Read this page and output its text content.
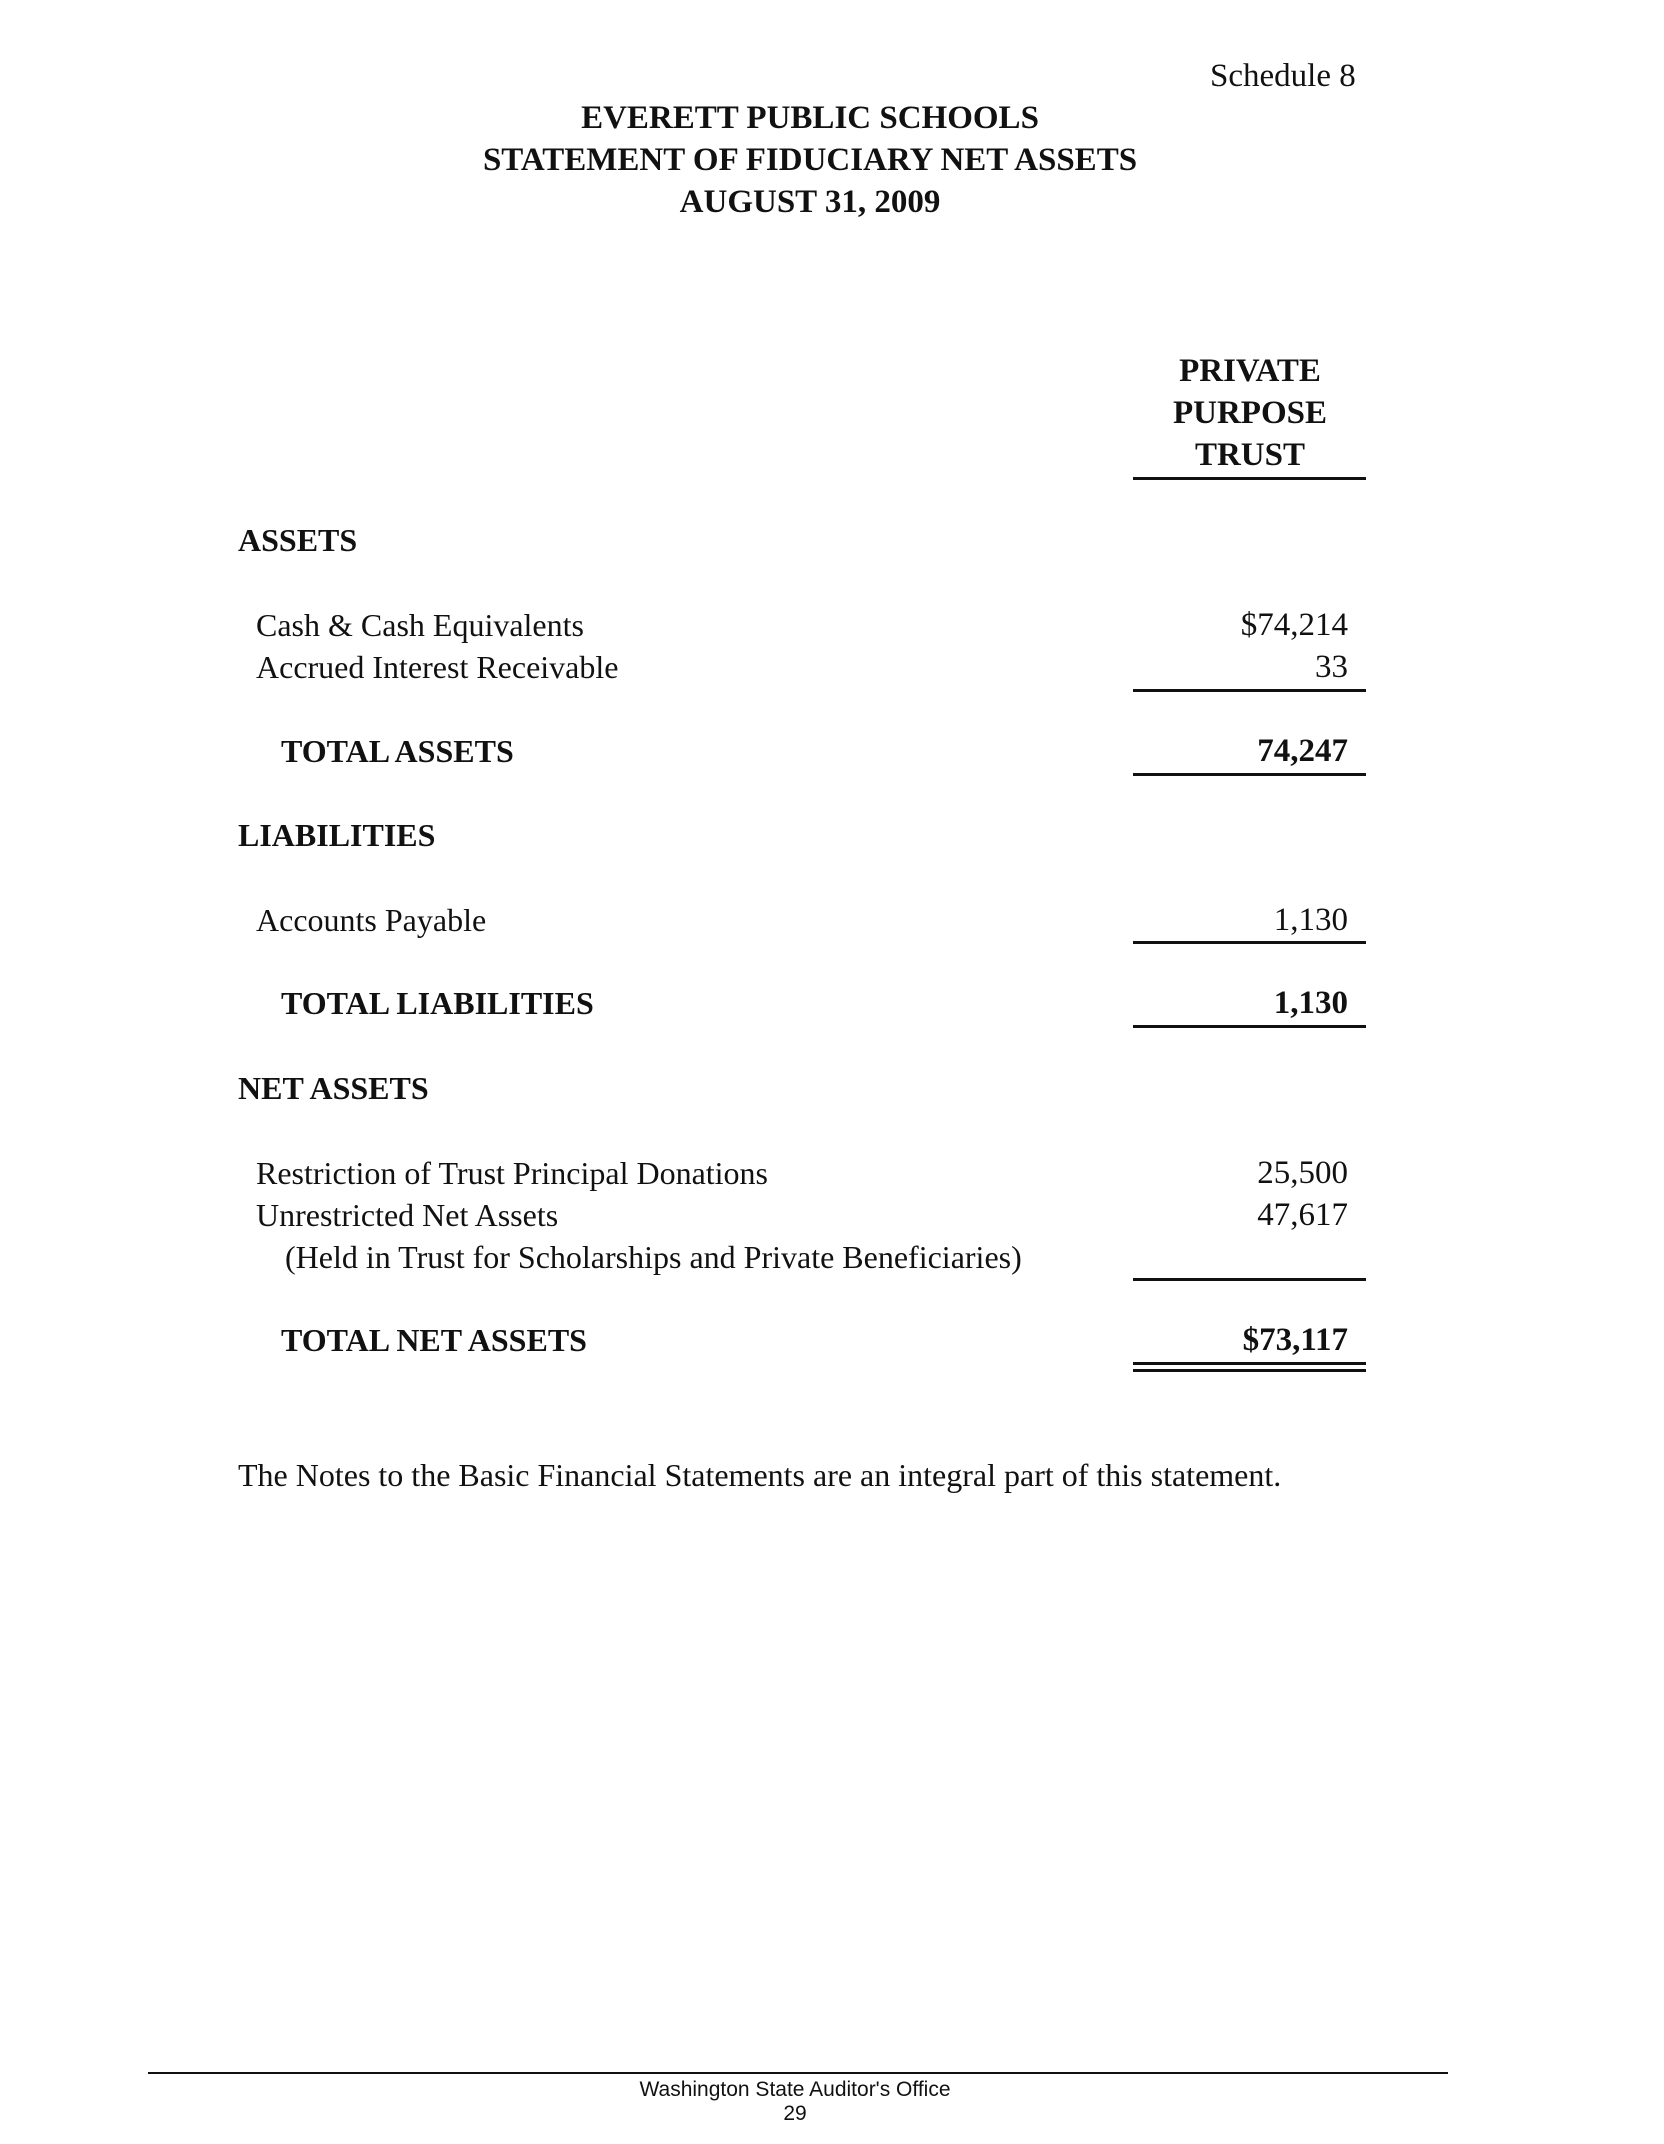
Schedule 8
EVERETT PUBLIC SCHOOLS
STATEMENT OF FIDUCIARY NET ASSETS
AUGUST 31, 2009
PRIVATE
PURPOSE
TRUST
ASSETS
Cash & Cash Equivalents	$74,214
Accrued Interest Receivable	33
TOTAL ASSETS	74,247
LIABILITIES
Accounts Payable	1,130
TOTAL LIABILITIES	1,130
NET ASSETS
Restriction of Trust Principal Donations	25,500
Unrestricted Net Assets	47,617
(Held in Trust for Scholarships and Private Beneficiaries)
TOTAL NET ASSETS	$73,117
The Notes to the Basic Financial Statements are an integral part of this statement.
Washington State Auditor's Office
29
